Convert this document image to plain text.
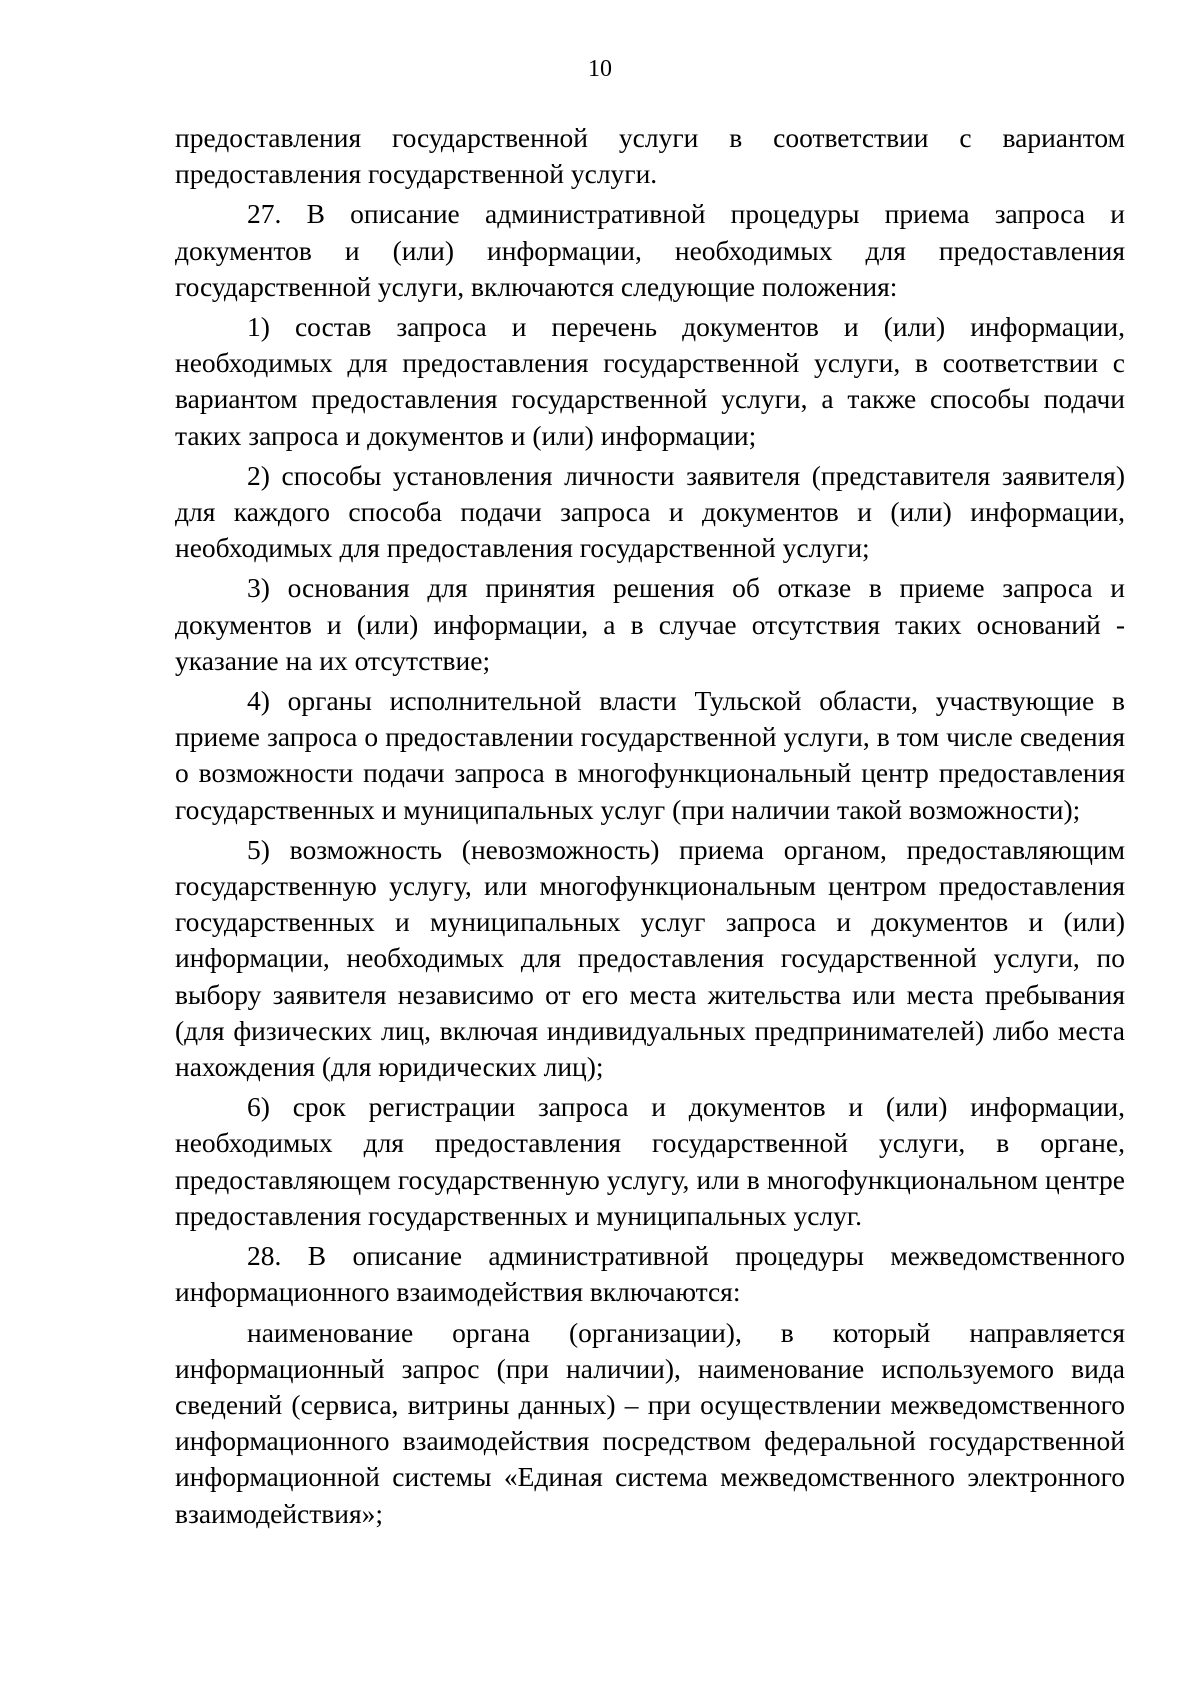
10

предоставления государственной услуги в соответствии с вариантом предоставления государственной услуги.

27. В описание административной процедуры приема запроса и документов и (или) информации, необходимых для предоставления государственной услуги, включаются следующие положения:

1) состав запроса и перечень документов и (или) информации, необходимых для предоставления государственной услуги, в соответствии с вариантом предоставления государственной услуги, а также способы подачи таких запроса и документов и (или) информации;

2) способы установления личности заявителя (представителя заявителя) для каждого способа подачи запроса и документов и (или) информации, необходимых для предоставления государственной услуги;

3) основания для принятия решения об отказе в приеме запроса и документов и (или) информации, а в случае отсутствия таких оснований - указание на их отсутствие;

4) органы исполнительной власти Тульской области, участвующие в приеме запроса о предоставлении государственной услуги, в том числе сведения о возможности подачи запроса в многофункциональный центр предоставления государственных и муниципальных услуг (при наличии такой возможности);

5) возможность (невозможность) приема органом, предоставляющим государственную услугу, или многофункциональным центром предоставления государственных и муниципальных услуг запроса и документов и (или) информации, необходимых для предоставления государственной услуги, по выбору заявителя независимо от его места жительства или места пребывания (для физических лиц, включая индивидуальных предпринимателей) либо места нахождения (для юридических лиц);

6) срок регистрации запроса и документов и (или) информации, необходимых для предоставления государственной услуги, в органе, предоставляющем государственную услугу, или в многофункциональном центре предоставления государственных и муниципальных услуг.

28. В описание административной процедуры межведомственного информационного взаимодействия включаются:

наименование органа (организации), в который направляется информационный запрос (при наличии), наименование используемого вида сведений (сервиса, витрины данных) – при осуществлении межведомственного информационного взаимодействия посредством федеральной государственной информационной системы «Единая система межведомственного электронного взаимодействия»;
